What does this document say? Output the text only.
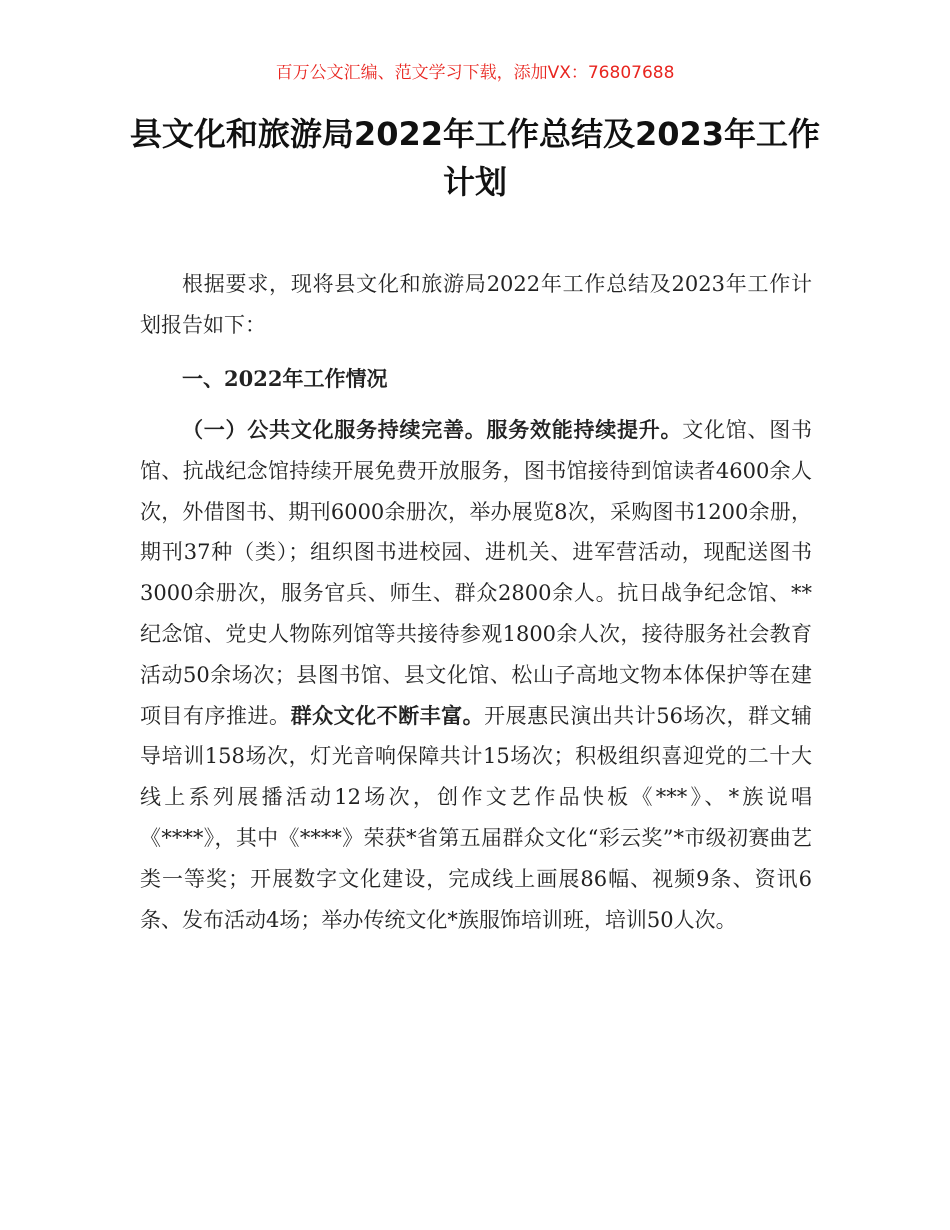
百万公文汇编、范文学习下载，添加VX：76807688
县文化和旅游局2022年工作总结及2023年工作计划

根据要求，现将县文化和旅游局2022年工作总结及2023年工作计划报告如下：

一、2022年工作情况

（一）公共文化服务持续完善。服务效能持续提升。文化馆、图书馆、抗战纪念馆持续开展免费开放服务，图书馆接待到馆读者4600余人次，外借图书、期刊6000余册次，举办展览8次，采购图书1200余册，期刊37种（类）；组织图书进校园、进机关、进军营活动，现配送图书3000余册次，服务官兵、师生、群众2800余人。抗日战争纪念馆、**纪念馆、党史人物陈列馆等共接待参观1800余人次，接待服务社会教育活动50余场次；县图书馆、县文化馆、松山子高地文物本体保护等在建项目有序推进。群众文化不断丰富。开展惠民演出共计56场次，群文辅导培训158场次，灯光音响保障共计15场次；积极组织喜迎党的二十大线上系列展播活动12场次，创作文艺作品快板《***》、*族说唱《****》，其中《****》荣获*省第五届群众文化“彩云奖”*市级初赛曲艺类一等奖；开展数字文化建设，完成线上画展86幅、视频9条、资讯6条、发布活动4场；举办传统文化*族服饰培训班，培训50人次。
